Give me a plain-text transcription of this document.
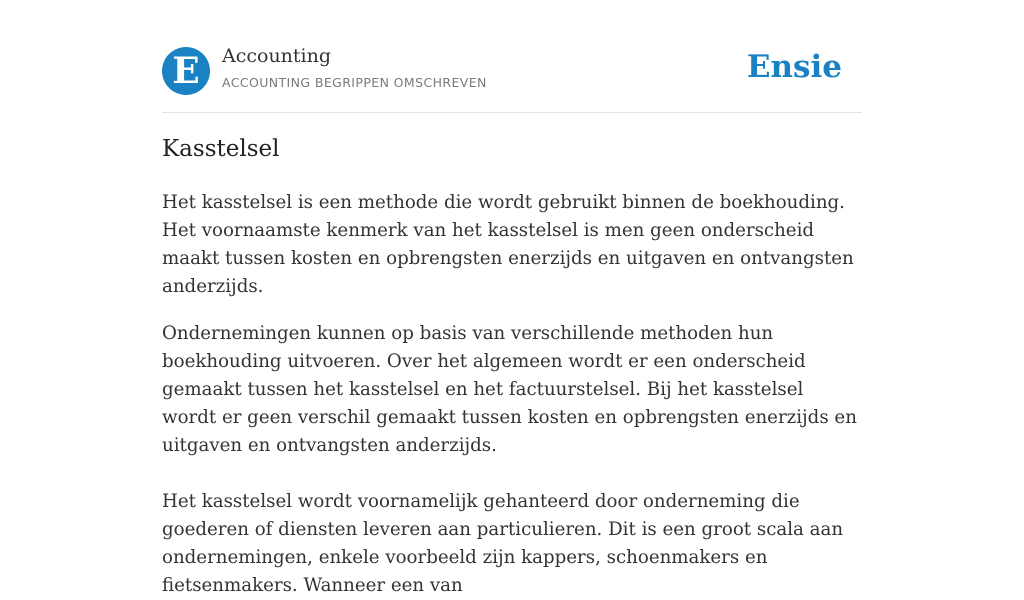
E	Accounting
ACCOUNTING BEGRIPPEN OMSCHREVEN	Ensie
Kasstelsel

Het kasstelsel is een methode die wordt gebruikt binnen de boekhouding. Het voornaamste kenmerk van het kasstelsel is men geen onderscheid maakt tussen kosten en opbrengsten enerzijds en uitgaven en ontvangsten anderzijds.

Ondernemingen kunnen op basis van verschillende methoden hun boekhouding uitvoeren. Over het algemeen wordt er een onderscheid gemaakt tussen het kasstelsel en het factuurstelsel. Bij het kasstelsel wordt er geen verschil gemaakt tussen kosten en opbrengsten enerzijds en uitgaven en ontvangsten anderzijds.

Het kasstelsel wordt voornamelijk gehanteerd door onderneming die goederen of diensten leveren aan particulieren. Dit is een groot scala aan ondernemingen, enkele voorbeeld zijn kappers, schoenmakers en fietsenmakers. Wanneer een van
